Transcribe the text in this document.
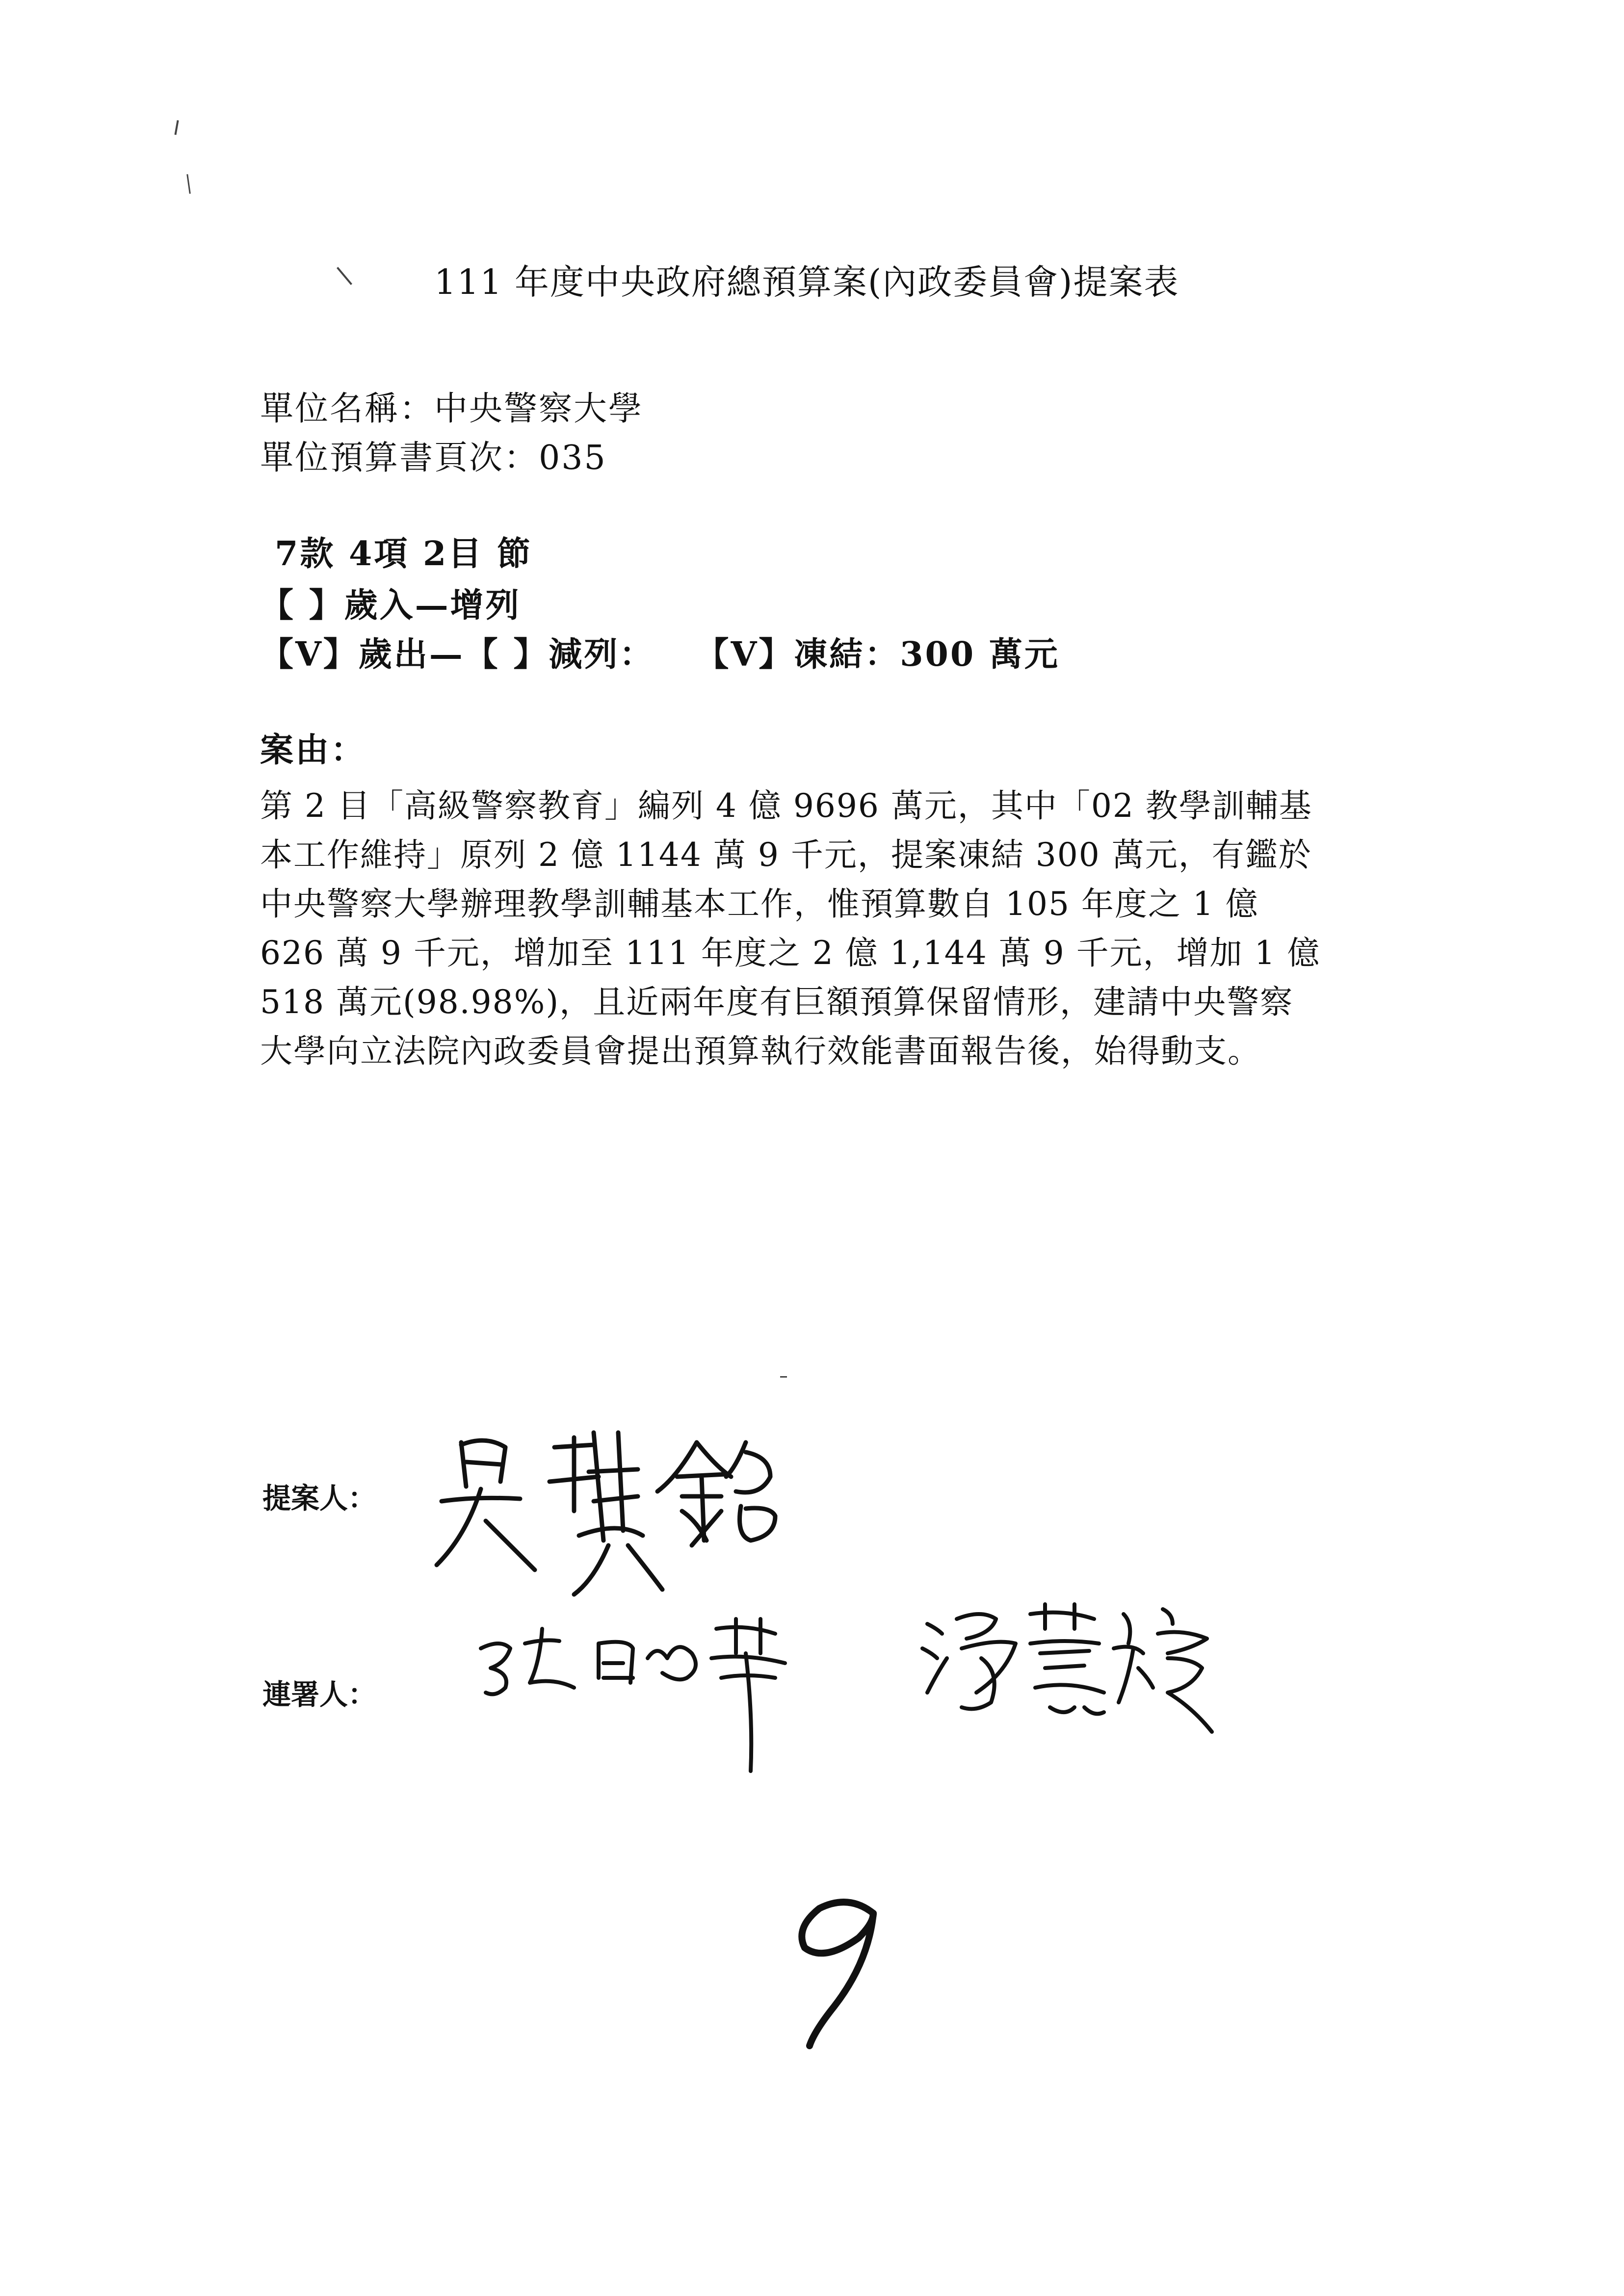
111 年度中央政府總預算案(內政委員會)提案表
單位名稱：中央警察大學
單位預算書頁次：035
7款 4項 2目 節
【 】歲入—增列
【V】歲出—【 】減列：   【V】凍結：300 萬元
案由：
第 2 目「高級警察教育」編列 4 億 9696 萬元，其中「02 教學訓輔基
本工作維持」原列 2 億 1144 萬 9 千元，提案凍結 300 萬元，有鑑於
中央警察大學辦理教學訓輔基本工作，惟預算數自 105 年度之 1 億
626 萬 9 千元，增加至 111 年度之 2 億 1,144 萬 9 千元，增加 1 億
518 萬元(98.98%)，且近兩年度有巨額預算保留情形，建請中央警察
大學向立法院內政委員會提出預算執行效能書面報告後，始得動支。
提案人：
連署人：
